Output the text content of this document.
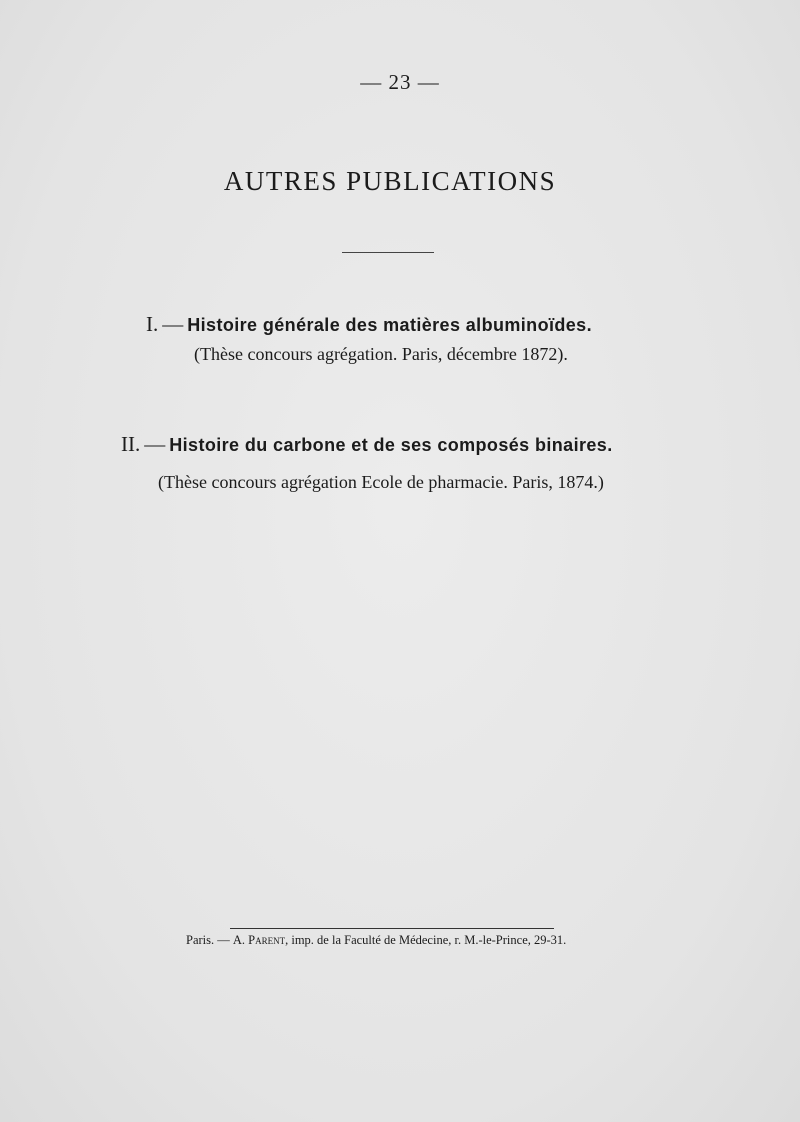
— 23 —
AUTRES PUBLICATIONS
I. — Histoire générale des matières albuminoïdes.
(Thèse concours agrégation. Paris, décembre 1872).
II. — Histoire du carbone et de ses composés binaires.
(Thèse concours agrégation Ecole de pharmacie. Paris, 1874.)
Paris. — A. Parent, imp. de la Faculté de Médecine, r. M.-le-Prince, 29-31.
